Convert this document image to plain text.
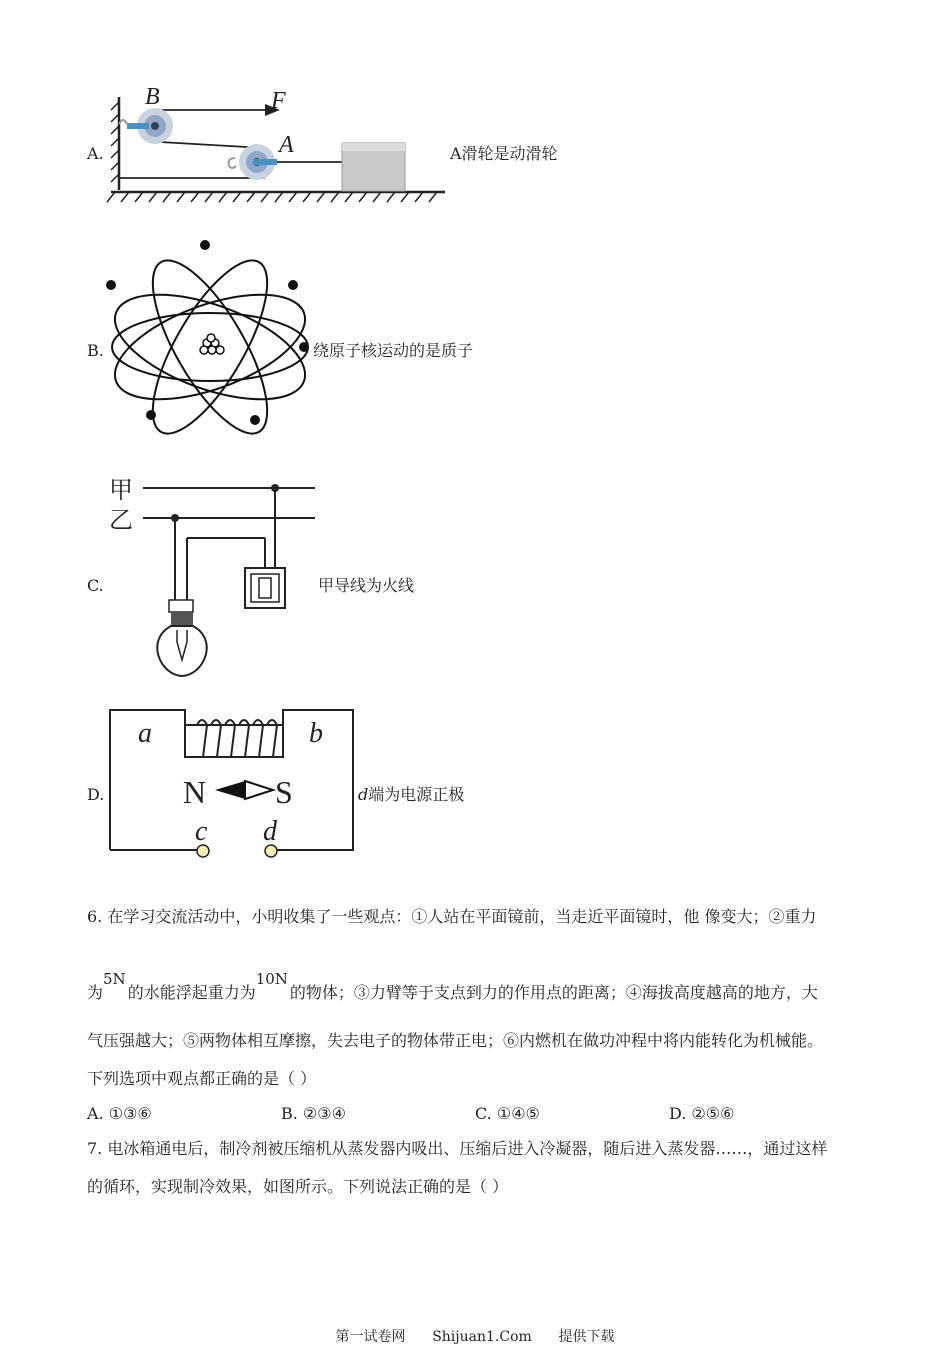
A.
B	F
A	A滑轮是动滑轮
B.	绕原子核运动的是质子
C.
甲
乙
甲导线为火线
D.
a	b
N S
c d
d端为电源正极
6. 在学习交流活动中，小明收集了一些观点：①人站在平面镜前，当走近平面镜时，他 像变大；②重力
为5N的水能浮起重力为10N的物体；③力臂等于支点到力的作用点的距离；④海拔高度越高的地方，大
气压强越大；⑤两物体相互摩擦，失去电子的物体带正电；⑥内燃机在做功冲程中将内能转化为机械能。
下列选项中观点都正确的是（ ）
A. ①③⑥	B. ②③④	C. ①④⑤	D. ②⑤⑥
7. 电冰箱通电后，制冷剂被压缩机从蒸发器内吸出、压缩后进入冷凝器，随后进入蒸发器……，通过这样
的循环，实现制冷效果，如图所示。下列说法正确的是（ ）
第一试卷网 Shijuan1.Com 提供下载
